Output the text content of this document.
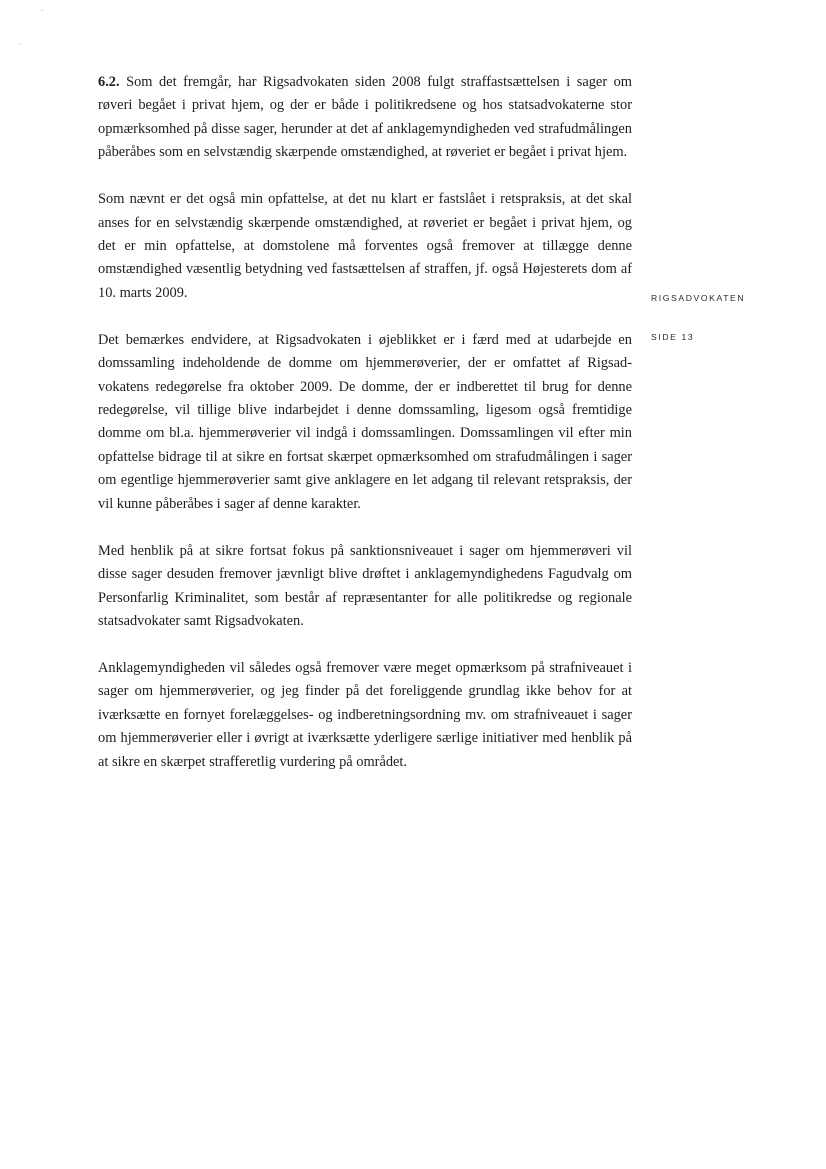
-
-

6.2. Som det fremgår, har Rigsadvokaten siden 2008 fulgt straffastsættelsen i sager om røveri begået i privat hjem, og der er både i politikredsene og hos statsadvokaterne stor opmærksomhed på disse sager, herunder at det af anklagemyndigheden ved strafudmålingen påberåbes som en selvstændig skærpende omstændighed, at røveriet er begået i privat hjem.

Som nævnt er det også min opfattelse, at det nu klart er fastslået i retspraksis, at det skal anses for en selvstændig skærpende omstændighed, at røveriet er begået i privat hjem, og det er min opfattelse, at domstolene må forventes også fremover at tillægge denne omstændighed væsentlig betydning ved fastsættelsen af straffen, jf. også Højesterets dom af 10. marts 2009.

Det bemærkes endvidere, at Rigsadvokaten i øjeblikket er i færd med at udarbejde en domssamling indeholdende de domme om hjemmerøverier, der er omfattet af Rigsadvokatens redegørelse fra oktober 2009. De domme, der er indberettet til brug for denne redegørelse, vil tillige blive indarbejdet i denne domssamling, ligesom også fremtidige domme om bl.a. hjemmerøverier vil indgå i domssamlingen. Domssamlingen vil efter min opfattelse bidrage til at sikre en fortsat skærpet opmærksomhed om strafudmålingen i sager om egentlige hjemmerøverier samt give anklagere en let adgang til relevant retspraksis, der vil kunne påberåbes i sager af denne karakter.

Med henblik på at sikre fortsat fokus på sanktionsniveauet i sager om hjemmerøveri vil disse sager desuden fremover jævnligt blive drøftet i anklagemyndighedens Fagudvalg om Personfarlig Kriminalitet, som består af repræsentanter for alle politikredse og regionale statsadvokater samt Rigsadvokaten.

Anklagemyndigheden vil således også fremover være meget opmærksom på strafniveauet i sager om hjemmerøverier, og jeg finder på det foreliggende grundlag ikke behov for at iværksætte en fornyet forelæggelses- og indberetningsordning mv. om strafniveauet i sager om hjemmerøverier eller i øvrigt at iværksætte yderligere særlige initiativer med henblik på at sikre en skærpet strafferetlig vurdering på området.

RIGSADVOKATEN
SIDE 13
